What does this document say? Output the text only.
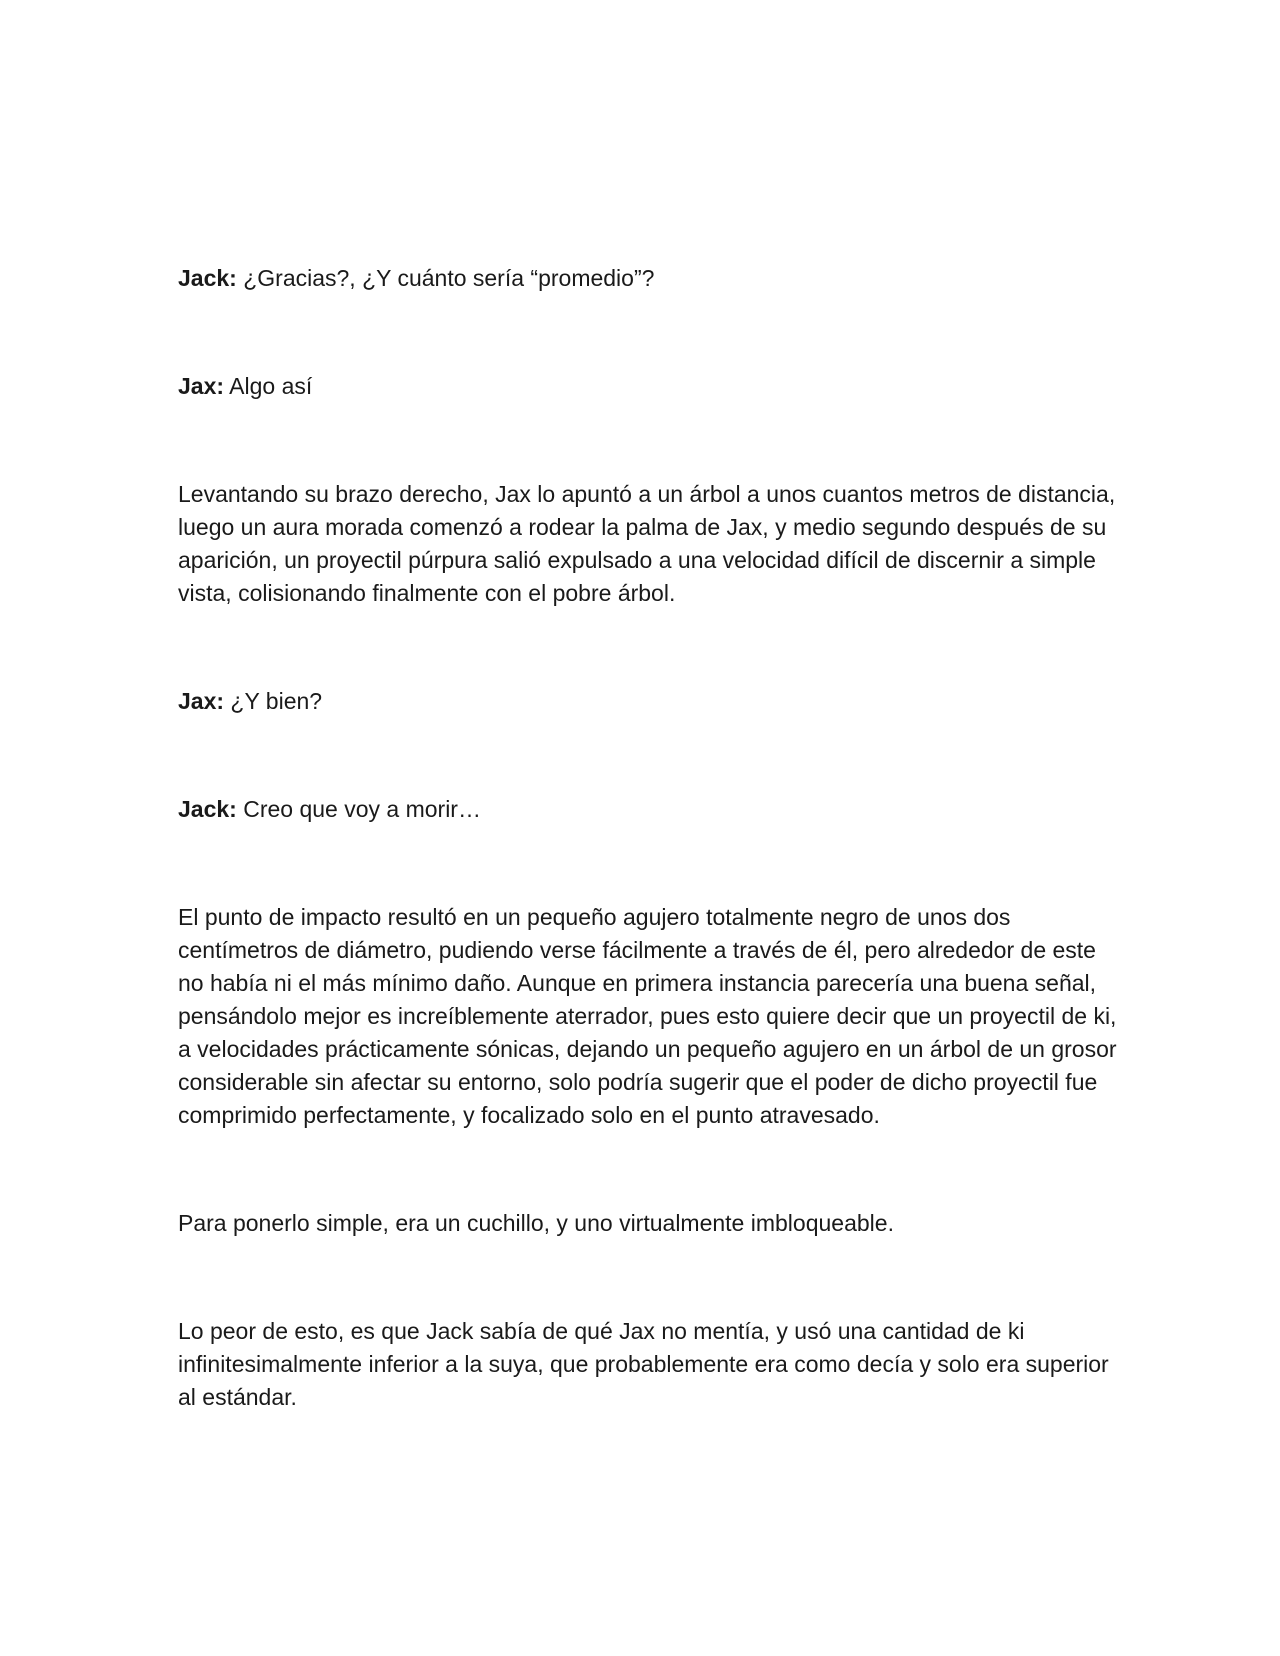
Jack: ¿Gracias?, ¿Y cuánto sería “promedio”?

Jax: Algo así

Levantando su brazo derecho, Jax lo apuntó a un árbol a unos cuantos metros de distancia, luego un aura morada comenzó a rodear la palma de Jax, y medio segundo después de su aparición, un proyectil púrpura salió expulsado a una velocidad difícil de discernir a simple vista, colisionando finalmente con el pobre árbol.

Jax: ¿Y bien?

Jack: Creo que voy a morir…

El punto de impacto resultó en un pequeño agujero totalmente negro de unos dos centímetros de diámetro, pudiendo verse fácilmente a través de él, pero alrededor de este no había ni el más mínimo daño. Aunque en primera instancia parecería una buena señal, pensándolo mejor es increíblemente aterrador, pues esto quiere decir que un proyectil de ki, a velocidades prácticamente sónicas, dejando un pequeño agujero en un árbol de un grosor considerable sin afectar su entorno, solo podría sugerir que el poder de dicho proyectil fue comprimido perfectamente, y focalizado solo en el punto atravesado.

Para ponerlo simple, era un cuchillo, y uno virtualmente imbloqueable.

Lo peor de esto, es que Jack sabía de qué Jax no mentía, y usó una cantidad de ki infinitesimalmente inferior a la suya, que probablemente era como decía y solo era superior al estándar.
